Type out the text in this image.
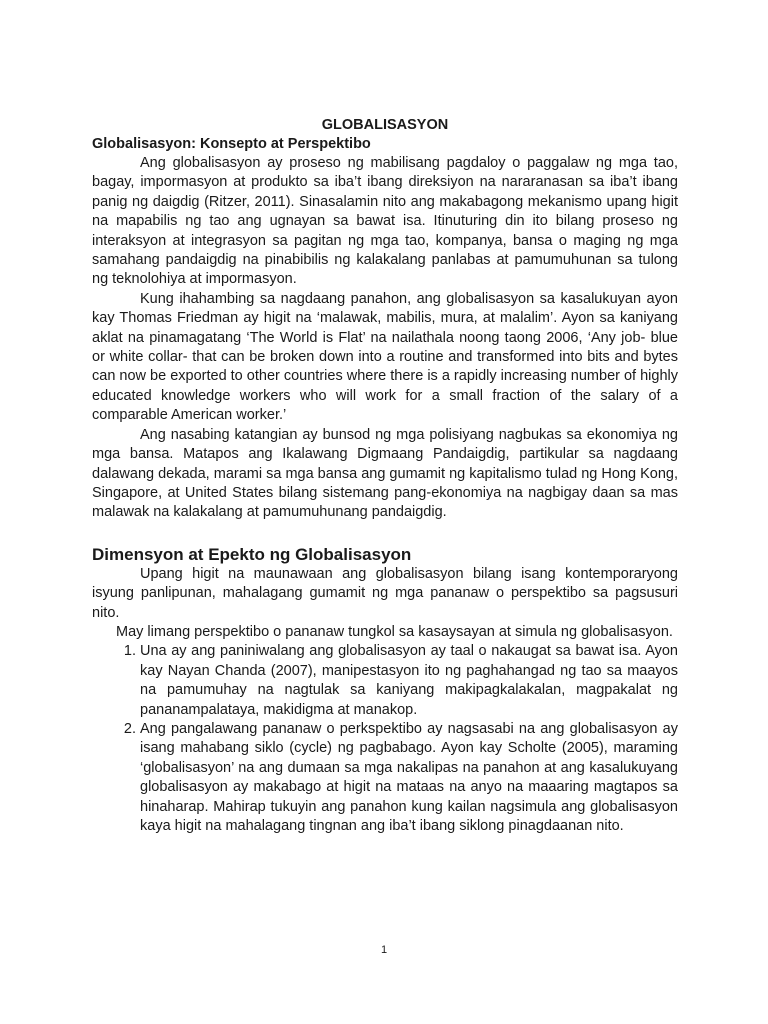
GLOBALISASYON
Globalisasyon: Konsepto at Perspektibo

Ang globalisasyon ay proseso ng mabilisang pagdaloy o paggalaw ng mga tao, bagay, impormasyon at produkto sa iba’t ibang direksiyon na nararanasan sa iba’t ibang panig ng daigdig (Ritzer, 2011). Sinasalamin nito ang makabagong mekanismo upang higit na mapabilis ng tao ang ugnayan sa bawat isa. Itinuturing din ito bilang proseso ng interaksyon at integrasyon sa pagitan ng mga tao, kompanya, bansa o maging ng mga samahang pandaigdig na pinabibilis ng kalakalang panlabas at pamumuhunan sa tulong ng teknolohiya at impormasyon.

Kung ihahambing sa nagdaang panahon, ang globalisasyon sa kasalukuyan ayon kay Thomas Friedman ay higit na ‘malawak, mabilis, mura, at malalim’. Ayon sa kaniyang aklat na pinamagatang ‘The World is Flat’ na nailathala noong taong 2006, ‘Any job- blue or white collar- that can be broken down into a routine and transformed into bits and bytes can now be exported to other countries where there is a rapidly increasing number of highly educated knowledge workers who will work for a small fraction of the salary of a comparable American worker.’

Ang nasabing katangian ay bunsod ng mga polisiyang nagbukas sa ekonomiya ng mga bansa. Matapos ang Ikalawang Digmaang Pandaigdig, partikular sa nagdaang dalawang dekada, marami sa mga bansa ang gumamit ng kapitalismo tulad ng Hong Kong, Singapore, at United States bilang sistemang pang-ekonomiya na nagbigay daan sa mas malawak na kalakalang at pamumuhunang pandaigdig.

Dimensyon at Epekto ng Globalisasyon

Upang higit na maunawaan ang globalisasyon bilang isang kontemporaryong isyung panlipunan, mahalagang gumamit ng mga pananaw o perspektibo sa pagsusuri nito.

May limang perspektibo o pananaw tungkol sa kasaysayan at simula ng globalisasyon.

1. Una ay ang paniniwalang ang globalisasyon ay taal o nakaugat sa bawat isa. Ayon kay Nayan Chanda (2007), manipestasyon ito ng paghahangad ng tao sa maayos na pamumuhay na nagtulak sa kaniyang makipagkalakalan, magpakalat ng pananampalataya, makidigma at manakop.
2. Ang pangalawang pananaw o perkspektibo ay nagsasabi na ang globalisasyon ay isang mahabang siklo (cycle) ng pagbabago. Ayon kay Scholte (2005), maraming ‘globalisasyon’ na ang dumaan sa mga nakalipas na panahon at ang kasalukuyang globalisasyon ay makabago at higit na mataas na anyo na maaaring magtapos sa hinaharap. Mahirap tukuyin ang panahon kung kailan nagsimula ang globalisasyon kaya higit na mahalagang tingnan ang iba’t ibang siklong pinagdaanan nito.
1
